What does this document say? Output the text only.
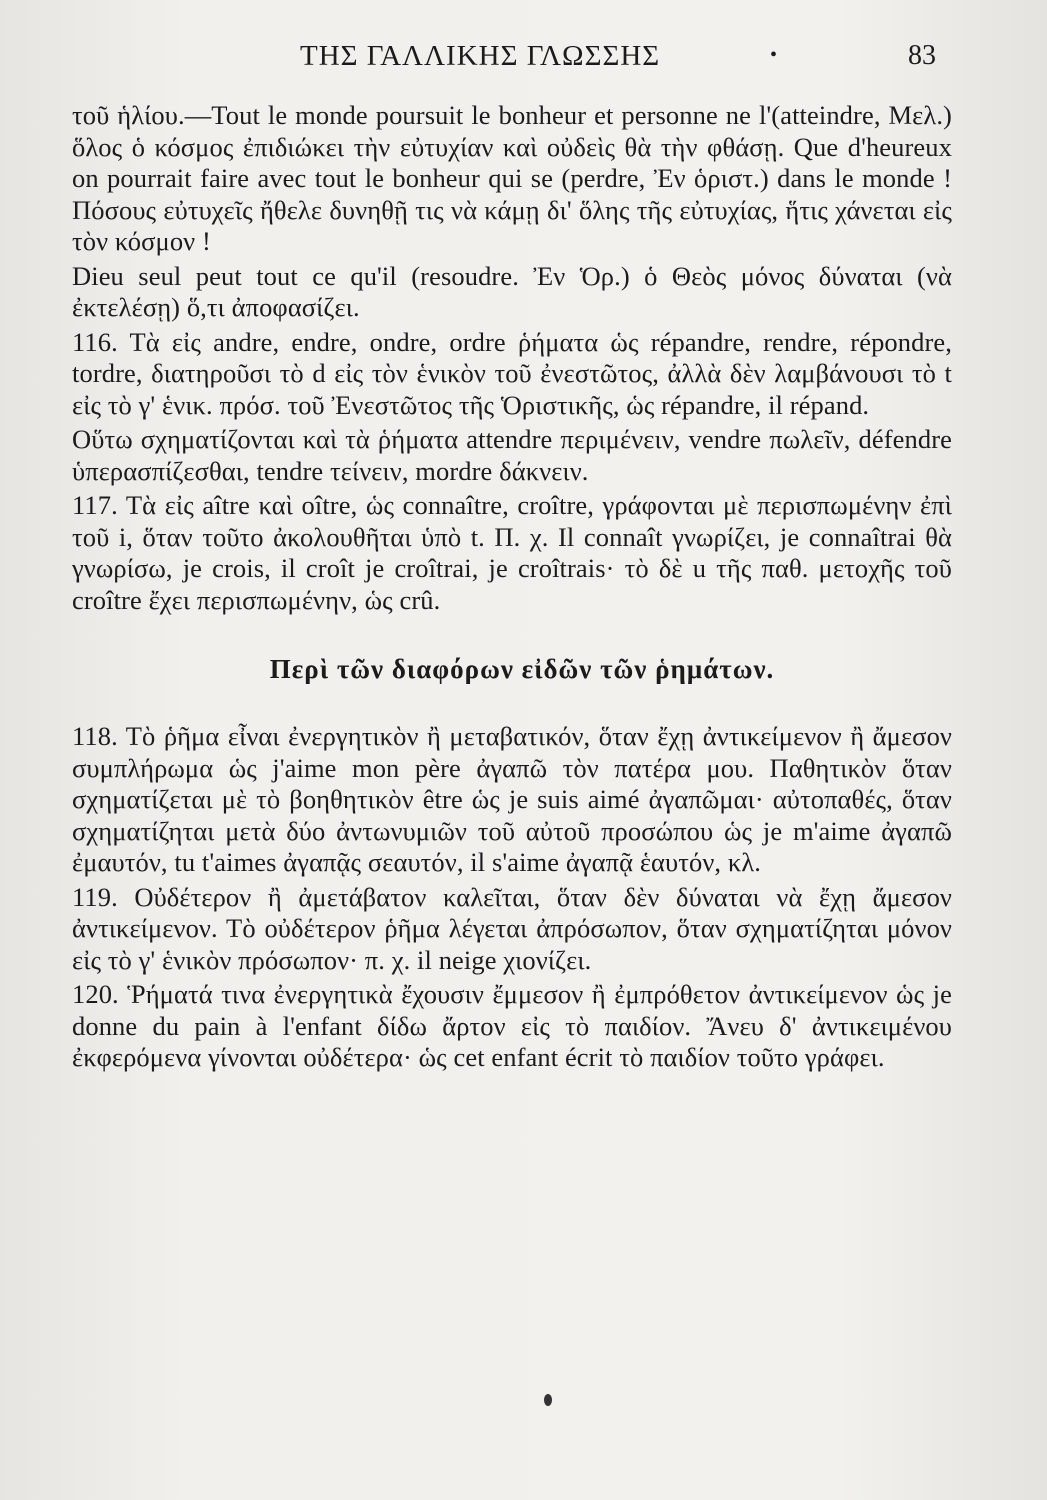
ΤΗΣ ΓΑΛΛΙΚΗΣ ΓΛΩΣΣΗΣ	•	83

τοῦ ἡλίου.—Tout le monde poursuit le bonheur et personne ne l'(atteindre, Μελ.) ὅλος ὁ κόσμος ἐπιδιώκει τὴν εὐτυχίαν καὶ οὐδεὶς θὰ τὴν φθάσῃ. Que d'heureux on pourrait faire avec tout le bonheur qui se (perdre, Ἐν ὁριστ.) dans le monde ! Πόσους εὐτυχεῖς ἤθελε δυνηθῇ τις νὰ κάμῃ δι' ὅλης τῆς εὐτυχίας, ἥτις χάνεται εἰς τὸν κόσμον !

Dieu seul peut tout ce qu'il (resoudre. Ἐν Ὁρ.) ὁ Θεὸς μόνος δύναται (νὰ ἐκτελέσῃ) ὅ,τι ἀποφασίζει.

116. Τὰ εἰς andre, endre, ondre, ordre ῥήματα ὡς répandre, rendre, répondre, tordre, διατηροῦσι τὸ d εἰς τὸν ἑνικὸν τοῦ ἐνεστῶτος, ἀλλὰ δὲν λαμβάνουσι τὸ t εἰς τὸ γ' ἑνικ. πρόσ. τοῦ Ἐνεστῶτος τῆς Ὁριστικῆς, ὡς répandre, il répand.

Οὕτω σχηματίζονται καὶ τὰ ῥήματα attendre περιμένειν, vendre πωλεῖν, défendre ὑπερασπίζεσθαι, tendre τείνειν, mordre δάκνειν.

117. Τὰ εἰς aître καὶ oître, ὡς connaître, croître, γράφονται μὲ περισπωμένην ἐπὶ τοῦ i, ὅταν τοῦτο ἀκολουθῆται ὑπὸ t. Π. χ. Il connaît γνωρίζει, je connaîtrai θὰ γνωρίσω, je crois, il croît je croîtrai, je croîtrais· τὸ δὲ u τῆς παθ. μετοχῆς τοῦ croître ἔχει περισπωμένην, ὡς crû.

Περὶ τῶν διαφόρων εἰδῶν τῶν ῥημάτων.

118. Τὸ ῥῆμα εἶναι ἐνεργητικὸν ἢ μεταβατικόν, ὅταν ἔχῃ ἀντικείμενον ἢ ἄμεσον συμπλήρωμα ὡς j'aime mon père ἀγαπῶ τὸν πατέρα μου. Παθητικὸν ὅταν σχηματίζεται μὲ τὸ βοηθητικὸν être ὡς je suis aimé ἀγαπῶμαι· αὐτοπαθές, ὅταν σχηματίζηται μετὰ δύο ἀντωνυμιῶν τοῦ αὐτοῦ προσώπου ὡς je m'aime ἀγαπῶ ἐμαυτόν, tu t'aimes ἀγαπᾷς σεαυτόν, il s'aime ἀγαπᾷ ἑαυτόν, κλ.

119. Οὐδέτερον ἢ ἀμετάβατον καλεῖται, ὅταν δὲν δύναται νὰ ἔχῃ ἄμεσον ἀντικείμενον. Τὸ οὐδέτερον ῥῆμα λέγεται ἀπρόσωπον, ὅταν σχηματίζηται μόνον εἰς τὸ γ' ἑνικὸν πρόσωπον· π. χ. il neige χιονίζει.

120. Ῥήματά τινα ἐνεργητικὰ ἔχουσιν ἔμμεσον ἢ ἐμπρόθετον ἀντικείμενον ὡς je donne du pain à l'enfant δίδω ἄρτον εἰς τὸ παιδίον. Ἄνευ δ' ἀντικειμένου ἐκφερόμενα γίνονται οὐδέτερα· ὡς cet enfant écrit τὸ παιδίον τοῦτο γράφει.
